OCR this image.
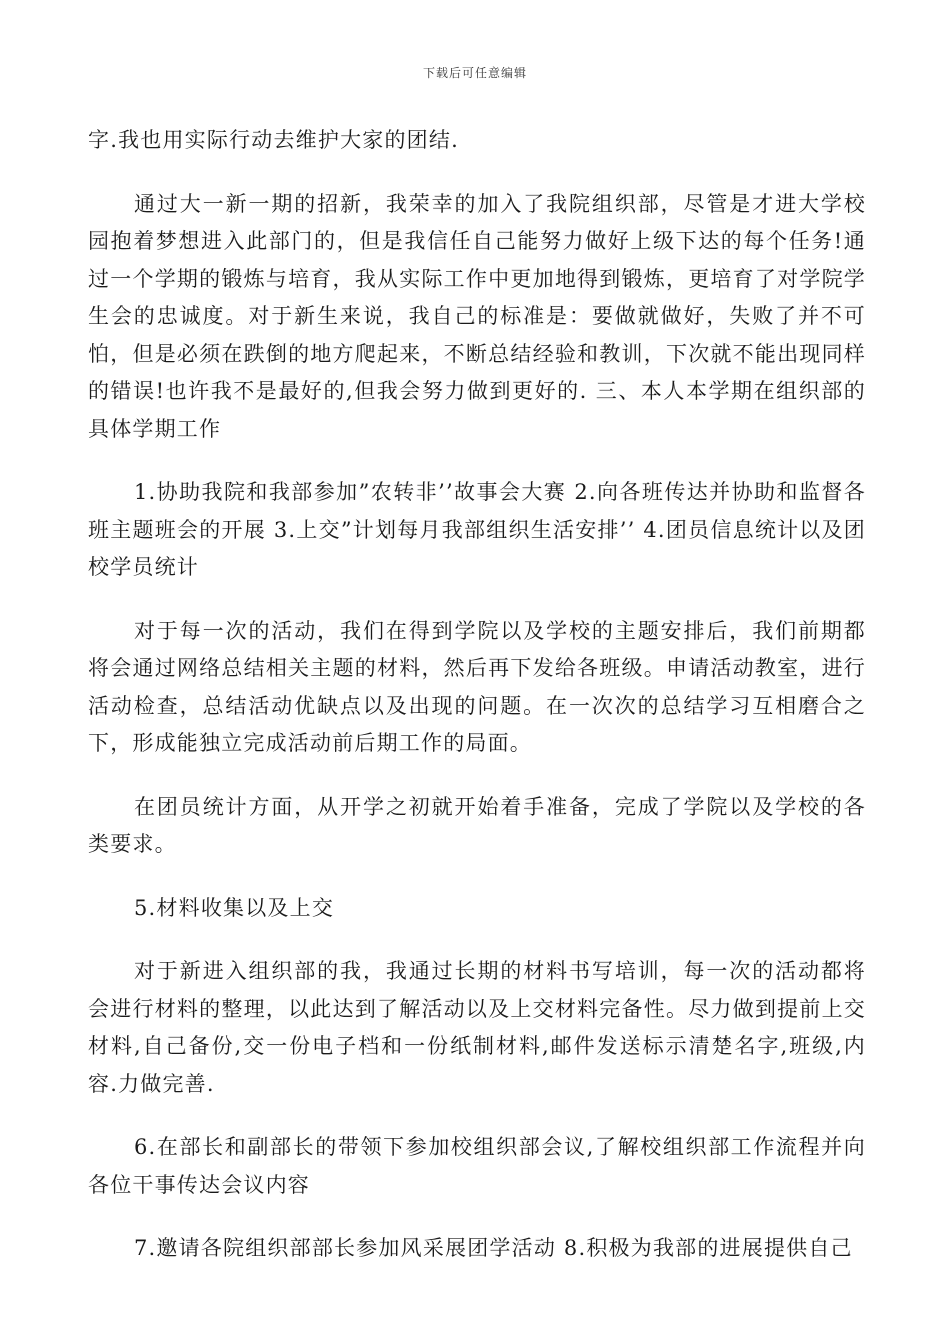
下载后可任意编辑

字.我也用实际行动去维护大家的团结.

通过大一新一期的招新，我荣幸的加入了我院组织部，尽管是才进大学校园抱着梦想进入此部门的，但是我信任自己能努力做好上级下达的每个任务!通过一个学期的锻炼与培育，我从实际工作中更加地得到锻炼，更培育了对学院学生会的忠诚度。对于新生来说，我自己的标准是：要做就做好，失败了并不可怕，但是必须在跌倒的地方爬起来，不断总结经验和教训，下次就不能出现同样的错误!也许我不是最好的,但我会努力做到更好的. 三、本人本学期在组织部的具体学期工作

1.协助我院和我部参加”农转非’’故事会大赛 2.向各班传达并协助和监督各班主题班会的开展 3.上交”计划每月我部组织生活安排’’ 4.团员信息统计以及团校学员统计

对于每一次的活动，我们在得到学院以及学校的主题安排后，我们前期都将会通过网络总结相关主题的材料，然后再下发给各班级。申请活动教室，进行活动检查，总结活动优缺点以及出现的问题。在一次次的总结学习互相磨合之下，形成能独立完成活动前后期工作的局面。

在团员统计方面，从开学之初就开始着手准备，完成了学院以及学校的各类要求。

5.材料收集以及上交

对于新进入组织部的我，我通过长期的材料书写培训，每一次的活动都将会进行材料的整理，以此达到了解活动以及上交材料完备性。尽力做到提前上交材料,自己备份,交一份电子档和一份纸制材料,邮件发送标示清楚名字,班级,内容.力做完善.

6.在部长和副部长的带领下参加校组织部会议,了解校组织部工作流程并向各位干事传达会议内容

7.邀请各院组织部部长参加风采展团学活动 8.积极为我部的进展提供自己
